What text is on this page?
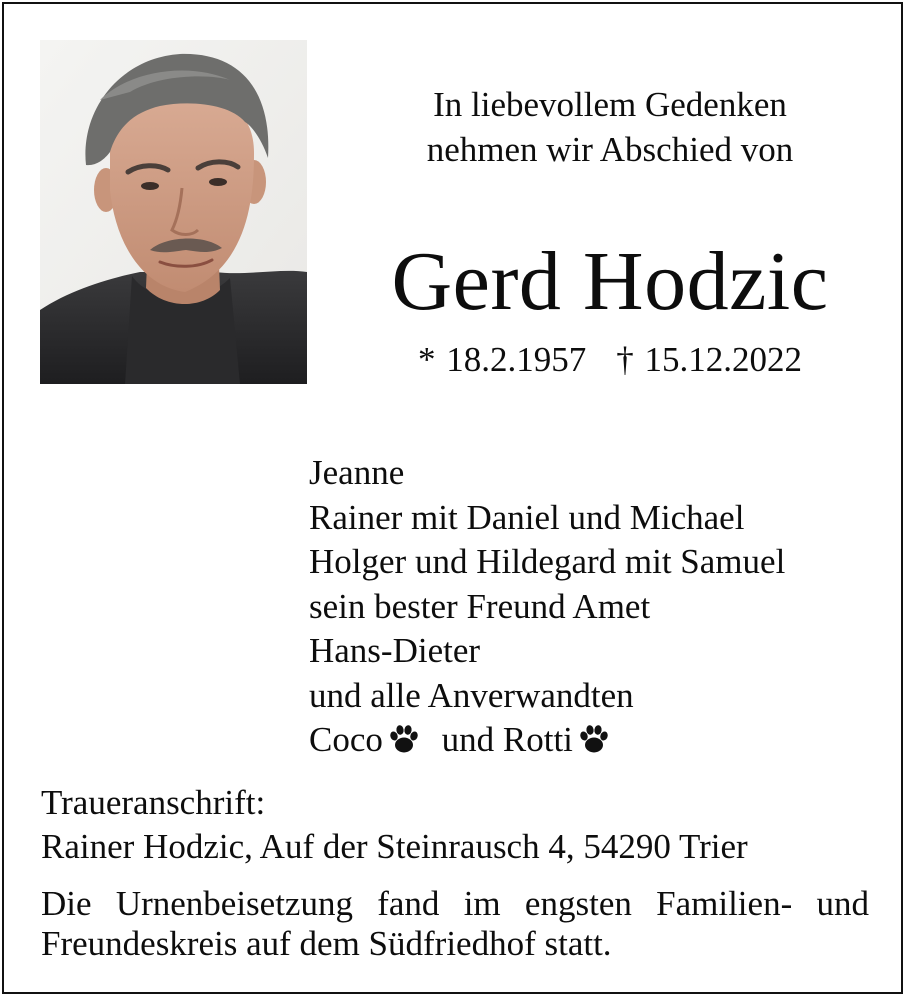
In liebevollem Gedenken
nehmen wir Abschied von
Gerd Hodzic
* 18.2.1957 † 15.12.2022
Jeanne
Rainer mit Daniel und Michael
Holger und Hildegard mit Samuel
sein bester Freund Amet
Hans-Dieter
und alle Anverwandten
Coco und Rotti
Traueranschrift:
Rainer Hodzic, Auf der Steinrausch 4, 54290 Trier
Die Urnenbeisetzung fand im engsten Familien- und Freundeskreis auf dem Südfriedhof statt.
